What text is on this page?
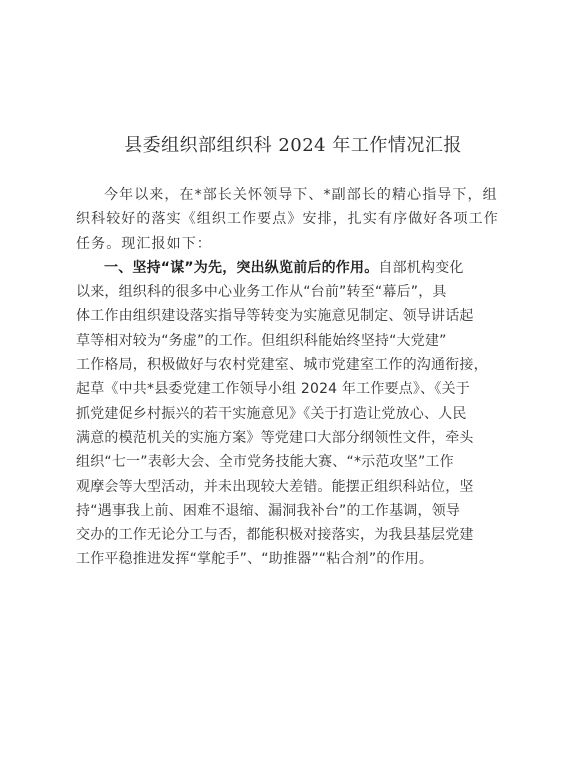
县委组织部组织科 2024 年工作情况汇报
今年以来，在*部长关怀领导下、*副部长的精心指导下，组
织科较好的落实《组织工作要点》安排，扎实有序做好各项工作
任务。现汇报如下：
一、坚持“谋”为先，突出纵览前后的作用。自部机构变化
以来，组织科的很多中心业务工作从“台前”转至“幕后”，具
体工作由组织建设落实指导等转变为实施意见制定、领导讲话起
草等相对较为“务虚”的工作。但组织科能始终坚持“大党建”
工作格局，积极做好与农村党建室、城市党建室工作的沟通衔接，
起草《中共*县委党建工作领导小组 2024 年工作要点》、《关于
抓党建促乡村振兴的若干实施意见》《关于打造让党放心、人民
满意的模范机关的实施方案》等党建口大部分纲领性文件，牵头
组织“七一”表彰大会、全市党务技能大赛、“*示范攻坚”工作
观摩会等大型活动，并未出现较大差错。能摆正组织科站位，坚
持“遇事我上前、困难不退缩、漏洞我补台”的工作基调，领导
交办的工作无论分工与否，都能积极对接落实，为我县基层党建
工作平稳推进发挥“掌舵手”、“助推器”“粘合剂”的作用。
